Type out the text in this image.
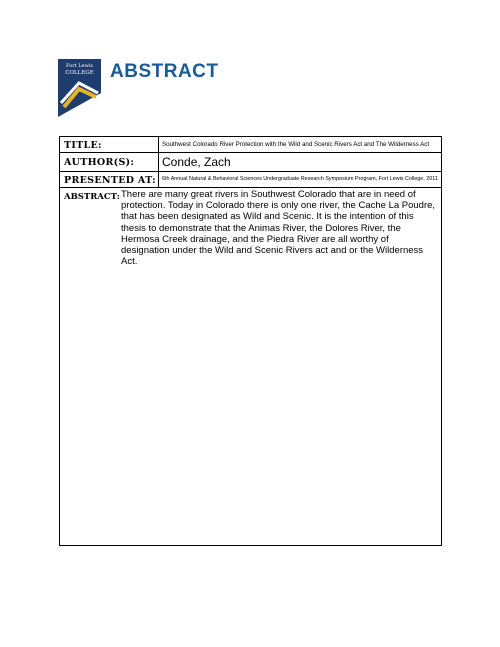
Fort Lewis
COLLEGE ABSTRACT
TITLE:	Southwest Colorado River Protection with the Wild and Scenic Rivers Act and The Wilderness Act
AUTHOR(S): Conde, Zach
PRESENTED AT: 6th Annual Natural & Behavioral Sciences Undergraduate Research Symposium Program, Fort Lewis College, 2011
ABSTRACT: There are many great rivers in Southwest Colorado that are in need of protection. Today in Colorado there is only one river, the Cache La Poudre, that has been designated as Wild and Scenic. It is the intention of this thesis to demonstrate that the Animas River, the Dolores River, the Hermosa Creek drainage, and the Piedra River are all worthy of designation under the Wild and Scenic Rivers act and or the Wilderness Act.
